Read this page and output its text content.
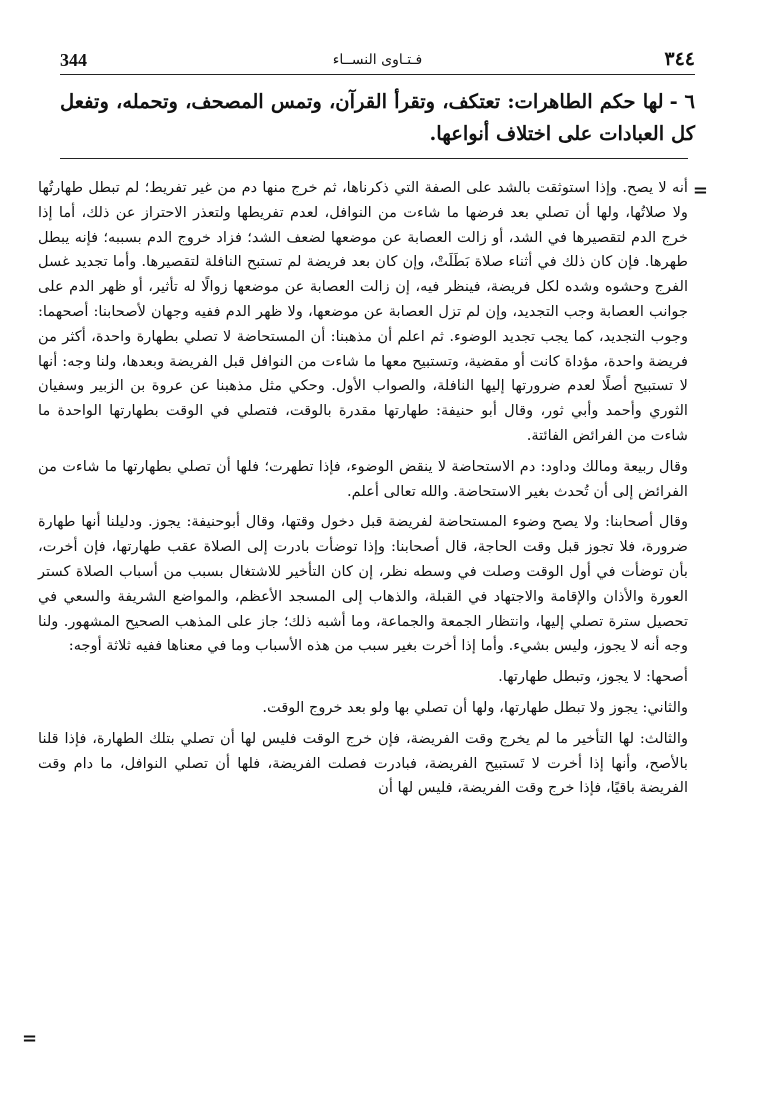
344	فـتـاوى النســاء	٣٤٤
٦ -لها حكم الطاهرات: تعتكف، وتقرأ القرآن، وتمس المصحف، وتحمله، وتفعل كل العبادات على اختلاف أنواعها.
=

أنه لا يصح. وإذا استوثقت بالشد على الصفة التي ذكرناها، ثم خرج منها دم من غير تفريط؛ لم تبطل طهارتُها ولا صلاتُها، ولها أن تصلي بعد فرضها ما شاءت من النوافل، لعدم تفريطها ولتعذر الاحتراز عن ذلك، أما إذا خرج الدم لتقصيرها في الشد، أو زالت العصابة عن موضعها لضعف الشد؛ فزاد خروج الدم بسببه؛ فإنه يبطل طهرها. فإن كان ذلك في أثناء صلاة بَطَلَتْ، وإن كان بعد فريضة لم تستبح النافلة لتقصيرها. وأما تجديد غسل الفرج وحشوه وشده لكل فريضة، فينظر فيه، إن زالت العصابة عن موضعها زوالًا له تأثير، أو ظهر الدم على جوانب العصابة وجب التجديد، وإن لم تزل العصابة عن موضعها، ولا ظهر الدم ففيه وجهان لأصحابنا: أصحهما: وجوب التجديد، كما يجب تجديد الوضوء. ثم اعلم أن مذهبنا: أن المستحاضة لا تصلي بطهارة واحدة، أكثر من فريضة واحدة، مؤداة كانت أو مقضية، وتستبيح معها ما شاءت من النوافل قبل الفريضة وبعدها، ولنا وجه: أنها لا تستبيح أصلًا لعدم ضرورتها إليها النافلة، والصواب الأول. وحكي مثل مذهبنا عن عروة بن الزبير وسفيان الثوري وأحمد وأبي ثور، وقال أبو حنيفة: طهارتها مقدرة بالوقت، فتصلي في الوقت بطهارتها الواحدة ما شاءت من الفرائض الفائتة.

وقال ربيعة ومالك وداود: دم الاستحاضة لا ينقض الوضوء، فإذا تطهرت؛ فلها أن تصلي بطهارتها ما شاءت من الفرائض إلى أن تُحدث بغير الاستحاضة. والله تعالى أعلم.

وقال أصحابنا: ولا يصح وضوء المستحاضة لفريضة قبل دخول وقتها، وقال أبوحنيفة: يجوز. ودليلنا أنها طهارة ضرورة، فلا تجوز قبل وقت الحاجة، قال أصحابنا: وإذا توضأت بادرت إلى الصلاة عقب طهارتها، فإن أخرت، بأن توضأت في أول الوقت وصلت في وسطه نظر، إن كان التأخير للاشتغال بسبب من أسباب الصلاة كستر العورة والأذان والإقامة والاجتهاد في القبلة، والذهاب إلى المسجد الأعظم، والمواضع الشريفة والسعي في تحصيل سترة تصلي إليها، وانتظار الجمعة والجماعة، وما أشبه ذلك؛ جاز على المذهب الصحيح المشهور. ولنا وجه أنه لا يجوز، وليس بشيء. وأما إذا أخرت بغير سبب من هذه الأسباب وما في معناها ففيه ثلاثة أوجه:

أصحها: لا يجوز، وتبطل طهارتها.

والثاني: يجوز ولا تبطل طهارتها، ولها أن تصلي بها ولو بعد خروج الوقت.

والثالث: لها التأخير ما لم يخرج وقت الفريضة، فإن خرج الوقت فليس لها أن تصلي بتلك الطهارة، فإذا قلنا بالأصح، وأنها إذا أخرت لا تَستبيح الفريضة، فبادرت فصلت الفريضة، فلها أن تصلي النوافل، ما دام وقت الفريضة باقيًا، فإذا خرج وقت الفريضة، فليس لها أن

=
